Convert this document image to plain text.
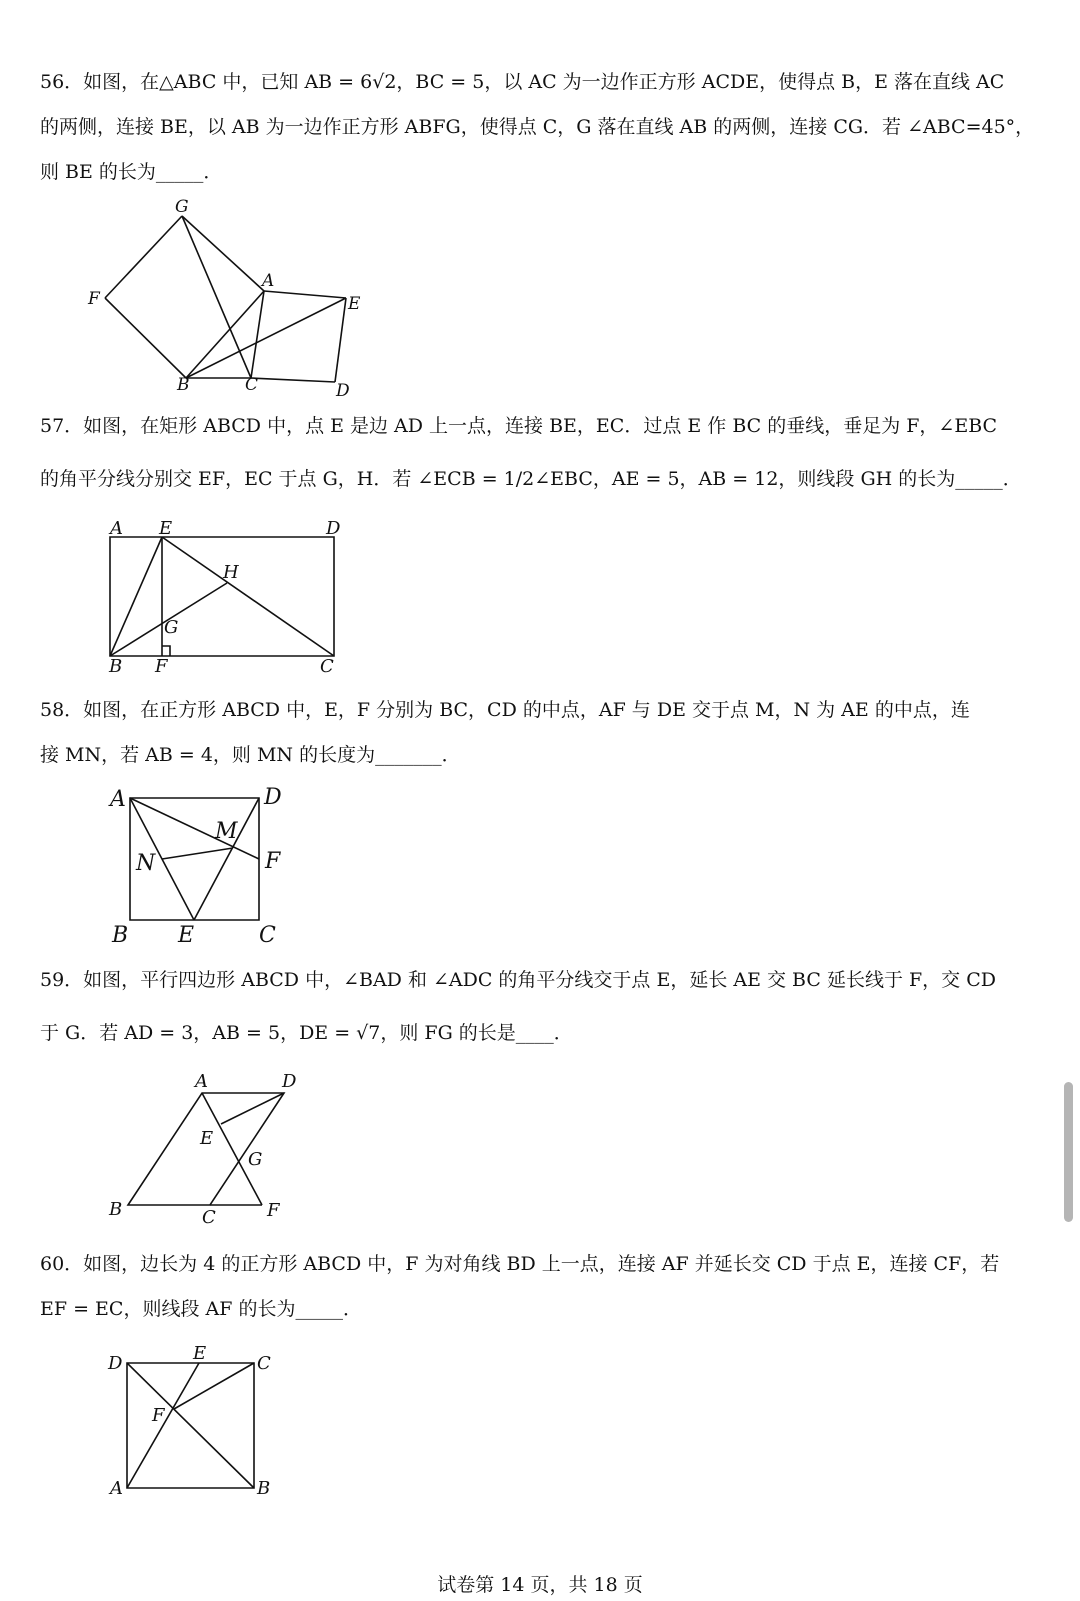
56．如图，在△ABC 中，已知 AB = 6√2，BC = 5，以 AC 为一边作正方形 ACDE，使得点 B，E 落在直线 AC
的两侧，连接 BE，以 AB 为一边作正方形 ABFG，使得点 C，G 落在直线 AB 的两侧，连接 CG．若 ∠ABC=45°，
则 BE 的长为_____．
G
F
A
E
B	C	D
57．如图，在矩形 ABCD 中，点 E 是边 AD 上一点，连接 BE，EC．过点 E 作 BC 的垂线，垂足为 F，∠EBC
的角平分线分别交 EF，EC 于点 G，H．若 ∠ECB = 1/2∠EBC，AE = 5，AB = 12，则线段 GH 的长为_____．
A E	D
H
G
B F	C
58．如图，在正方形 ABCD 中，E，F 分别为 BC，CD 的中点，AF 与 DE 交于点 M，N 为 AE 的中点，连
接 MN，若 AB = 4，则 MN 的长度为_______．
A	D
M
N	F
B E	C
59．如图，平行四边形 ABCD 中，∠BAD 和 ∠ADC 的角平分线交于点 E，延长 AE 交 BC 延长线于 F，交 CD
于 G．若 AD = 3，AB = 5，DE = √7，则 FG 的长是____．
A	D
E
G
B	C	F
60．如图，边长为 4 的正方形 ABCD 中，F 为对角线 BD 上一点，连接 AF 并延长交 CD 于点 E，连接 CF，若
EF = EC，则线段 AF 的长为_____．
D	E	C
F
A	B
试卷第 14 页，共 18 页
